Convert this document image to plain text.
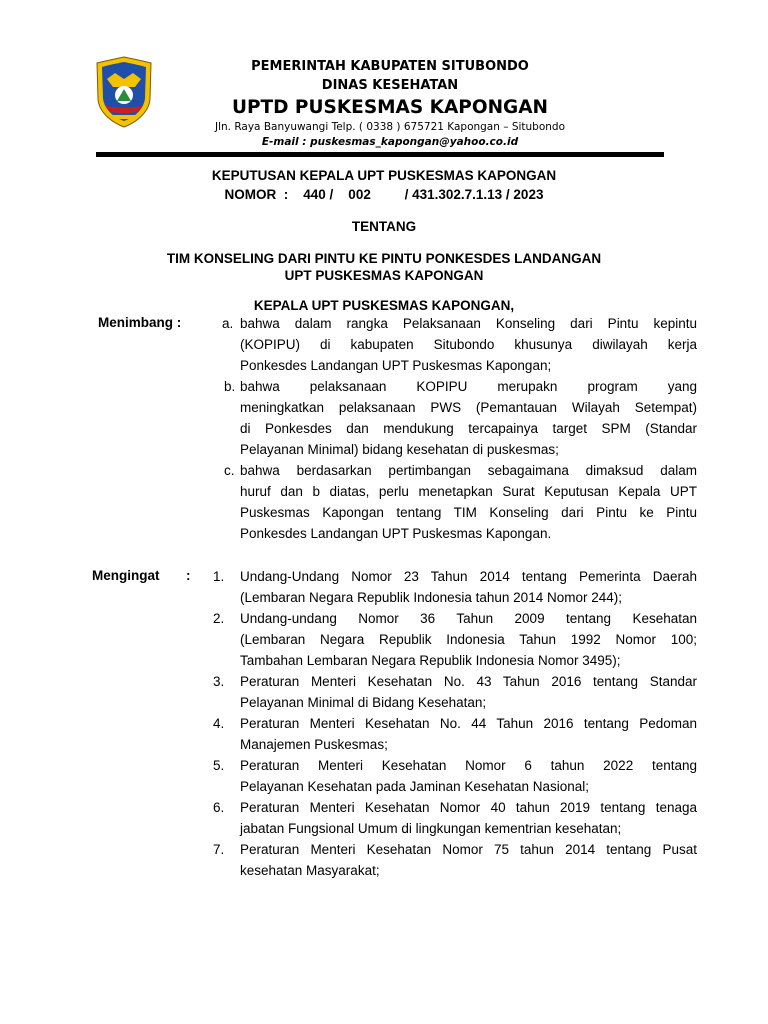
PEMERINTAH KABUPATEN SITUBONDO
DINAS KESEHATAN
UPTD PUSKESMAS KAPONGAN
Jln. Raya Banyuwangi Telp. ( 0338 ) 675721 Kapongan – Situbondo
E-mail : puskesmas_kapongan@yahoo.co.id
KEPUTUSAN KEPALA UPT PUSKESMAS KAPONGAN
NOMOR  :    440 /    002         / 431.302.7.1.13 / 2023
TENTANG
TIM KONSELING DARI PINTU KE PINTU PONKESDES LANDANGAN
UPT PUSKESMAS KAPONGAN
KEPALA UPT PUSKESMAS KAPONGAN,
Menimbang :	a. bahwa dalam rangka Pelaksanaan Konseling dari Pintu kepintu
(KOPIPU) di kabupaten Situbondo khusunya diwilayah kerja
Ponkesdes Landangan UPT Puskesmas Kapongan;
b. bahwa pelaksanaan KOPIPU merupakn program yang
meningkatkan pelaksanaan PWS (Pemantauan Wilayah Setempat)
di Ponkesdes dan mendukung tercapainya target SPM (Standar
Pelayanan Minimal) bidang kesehatan di puskesmas;
c. bahwa berdasarkan pertimbangan sebagaimana dimaksud dalam
huruf dan b diatas, perlu menetapkan Surat Keputusan Kepala UPT
Puskesmas Kapongan tentang TIM Konseling dari Pintu ke Pintu
Ponkesdes Landangan UPT Puskesmas Kapongan.
Mengingat : 1. Undang-Undang Nomor 23 Tahun 2014 tentang Pemerinta Daerah
(Lembaran Negara Republik Indonesia tahun 2014 Nomor 244);
2. Undang-undang Nomor 36 Tahun 2009 tentang Kesehatan
(Lembaran Negara Republik Indonesia Tahun 1992 Nomor 100;
Tambahan Lembaran Negara Republik Indonesia Nomor 3495);
3. Peraturan Menteri Kesehatan No. 43 Tahun 2016 tentang Standar
Pelayanan Minimal di Bidang Kesehatan;
4. Peraturan Menteri Kesehatan No. 44 Tahun 2016 tentang Pedoman
Manajemen Puskesmas;
5. Peraturan Menteri Kesehatan Nomor 6 tahun 2022 tentang
Pelayanan Kesehatan pada Jaminan Kesehatan Nasional;
6. Peraturan Menteri Kesehatan Nomor 40 tahun 2019 tentang tenaga
jabatan Fungsional Umum di lingkungan kementrian kesehatan;
7. Peraturan Menteri Kesehatan Nomor 75 tahun 2014 tentang Pusat
kesehatan Masyarakat;
